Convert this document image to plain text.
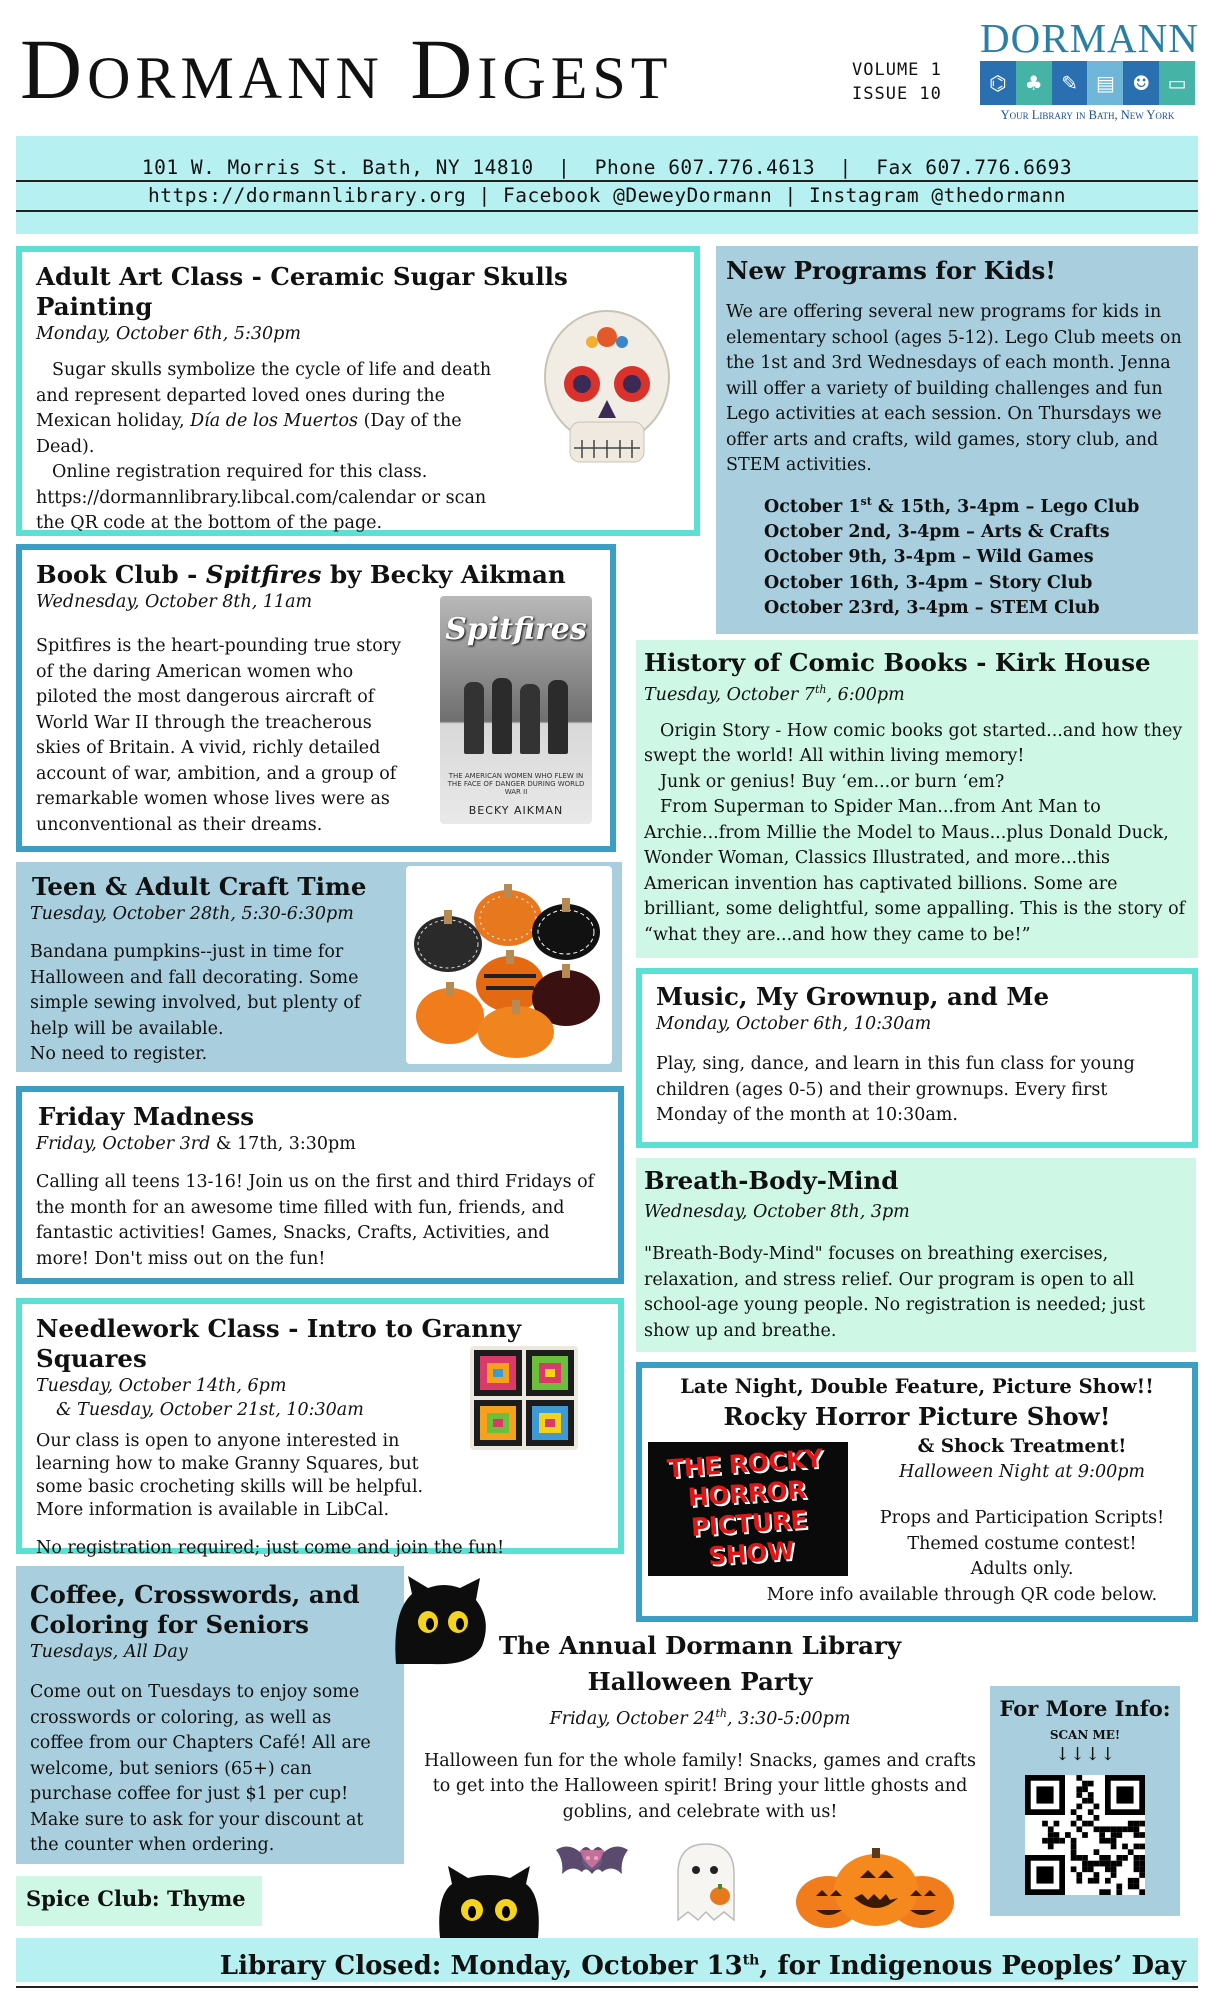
Dormann Digest	VOLUME 1
ISSUE 10
DORMANN
⌬ ♣ ✎ ▤ ☻ ▭
Your Library in Bath, New York
101 W. Morris St. Bath, NY 14810  |  Phone 607.776.4613  |  Fax 607.776.6693
https://dormannlibrary.org | Facebook @DeweyDormann | Instagram @thedormann
Adult Art Class - Ceramic Sugar Skulls Painting
Monday, October 6th, 5:30pm
Sugar skulls symbolize the cycle of life and death and represent departed loved ones during the Mexican holiday, Día de los Muertos (Day of the Dead).
Online registration required for this class. https://dormannlibrary.libcal.com/calendar or scan the QR code at the bottom of the page.
Book Club - Spitfires by Becky Aikman
Wednesday, October 8th, 11am
Spitfires is the heart-pounding true story of the daring American women who piloted the most dangerous aircraft of World War II through the treacherous skies of Britain. A vivid, richly detailed account of war, ambition, and a group of remarkable women whose lives were as unconventional as their dreams.
Spitfires
THE AMERICAN WOMEN WHO FLEW IN THE FACE OF DANGER DURING WORLD WAR II
BECKY AIKMAN
Teen & Adult Craft Time
Tuesday, October 28th, 5:30-6:30pm
Bandana pumpkins--just in time for Halloween and fall decorating. Some simple sewing involved, but plenty of help will be available.
No need to register.
Friday Madness
Friday, October 3rd & 17th, 3:30pm
Calling all teens 13-16! Join us on the first and third Fridays of the month for an awesome time filled with fun, friends, and fantastic activities! Games, Snacks, Crafts, Activities, and more! Don't miss out on the fun!
Needlework Class - Intro to Granny Squares
Tuesday, October 14th, 6pm
& Tuesday, October 21st, 10:30am
Our class is open to anyone interested in learning how to make Granny Squares, but some basic crocheting skills will be helpful. More information is available in LibCal.
No registration required; just come and join the fun!
Coffee, Crosswords, and Coloring for Seniors
Tuesdays, All Day
Come out on Tuesdays to enjoy some crosswords or coloring, as well as coffee from our Chapters Café! All are welcome, but seniors (65+) can purchase coffee for just $1 per cup! Make sure to ask for your discount at the counter when ordering.
Spice Club: Thyme
New Programs for Kids!
We are offering several new programs for kids in elementary school (ages 5-12). Lego Club meets on the 1st and 3rd Wednesdays of each month. Jenna will offer a variety of building challenges and fun Lego activities at each session. On Thursdays we offer arts and crafts, wild games, story club, and STEM activities.
October 1st & 15th, 3-4pm – Lego Club
October 2nd, 3-4pm – Arts & Crafts
October 9th, 3-4pm – Wild Games
October 16th, 3-4pm – Story Club
October 23rd, 3-4pm – STEM Club
History of Comic Books - Kirk House
Tuesday, October 7th, 6:00pm
Origin Story - How comic books got started...and how they swept the world! All within living memory!
Junk or genius! Buy ‘em...or burn ‘em?
From Superman to Spider Man...from Ant Man to Archie...from Millie the Model to Maus...plus Donald Duck, Wonder Woman, Classics Illustrated, and more...this American invention has captivated billions. Some are brilliant, some delightful, some appalling. This is the story of “what they are...and how they came to be!”
Music, My Grownup, and Me
Monday, October 6th, 10:30am
Play, sing, dance, and learn in this fun class for young children (ages 0-5) and their grownups. Every first Monday of the month at 10:30am.
Breath-Body-Mind
Wednesday, October 8th, 3pm
"Breath-Body-Mind" focuses on breathing exercises, relaxation, and stress relief. Our program is open to all school-age young people. No registration is needed; just show up and breathe.
Late Night, Double Feature, Picture Show!!
Rocky Horror Picture Show!
THE ROCKY HORROR PICTURE SHOW
& Shock Treatment!
Halloween Night at 9:00pm
Props and Participation Scripts!
Themed costume contest!
Adults only.
More info available through QR code below.
The Annual Dormann Library
Halloween Party
Friday, October 24th, 3:30-5:00pm
Halloween fun for the whole family! Snacks, games and crafts to get into the Halloween spirit! Bring your little ghosts and goblins, and celebrate with us!
For More Info:
SCAN ME!
↓↓↓↓
Library Closed: Monday, October 13th, for Indigenous Peoples’ Day
